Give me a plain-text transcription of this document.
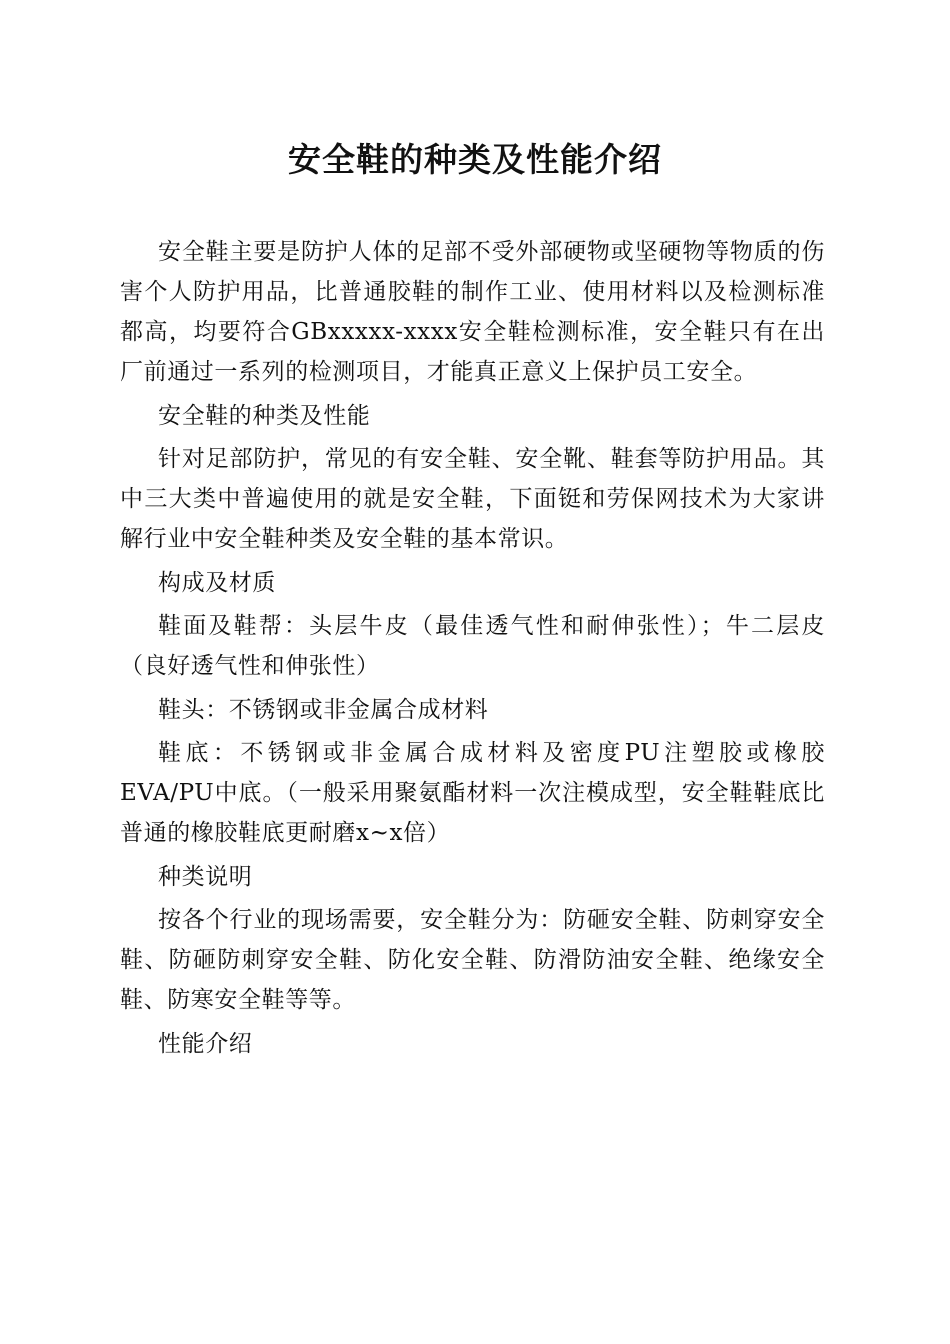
安全鞋的种类及性能介绍

安全鞋主要是防护人体的足部不受外部硬物或坚硬物等物质的伤害个人防护用品，比普通胶鞋的制作工业、使用材料以及检测标准都高，均要符合GBxxxxx-xxxx安全鞋检测标准，安全鞋只有在出厂前通过一系列的检测项目，才能真正意义上保护员工安全。

安全鞋的种类及性能

针对足部防护，常见的有安全鞋、安全靴、鞋套等防护用品。其中三大类中普遍使用的就是安全鞋，下面铤和劳保网技术为大家讲解行业中安全鞋种类及安全鞋的基本常识。

构成及材质

鞋面及鞋帮：头层牛皮（最佳透气性和耐伸张性）；牛二层皮（良好透气性和伸张性）

鞋头：不锈钢或非金属合成材料

鞋底：不锈钢或非金属合成材料及密度PU注塑胶或橡胶EVA/PU中底。（一般采用聚氨酯材料一次注模成型，安全鞋鞋底比普通的橡胶鞋底更耐磨x~x倍）

种类说明

按各个行业的现场需要，安全鞋分为：防砸安全鞋、防刺穿安全鞋、防砸防刺穿安全鞋、防化安全鞋、防滑防油安全鞋、绝缘安全鞋、防寒安全鞋等等。

性能介绍
